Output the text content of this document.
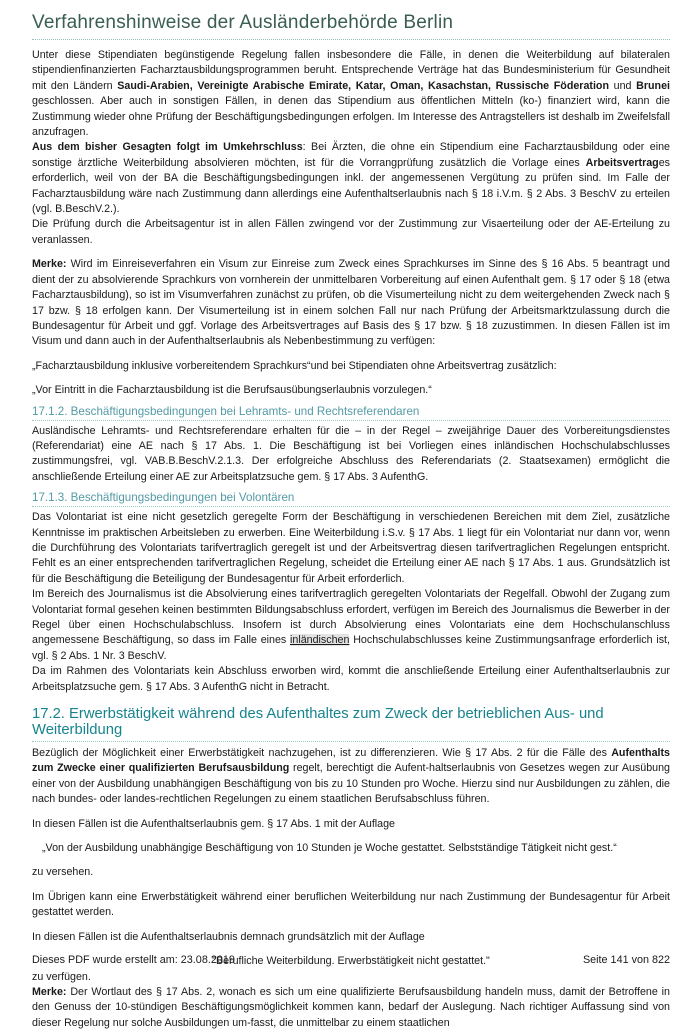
Verfahrenshinweise der Ausländerbehörde Berlin

Unter diese Stipendiaten begünstigende Regelung fallen insbesondere die Fälle, in denen die Weiterbildung auf bilateralen stipendienfinanzierten Facharztausbildungsprogrammen beruht. Entsprechende Verträge hat das Bundesministerium für Gesundheit mit den Ländern Saudi-Arabien, Vereinigte Arabische Emirate, Katar, Oman, Kasachstan, Russische Föderation und Brunei geschlossen. Aber auch in sonstigen Fällen, in denen das Stipendium aus öffentlichen Mitteln (ko-) finanziert wird, kann die Zustimmung wieder ohne Prüfung der Beschäftigungsbedingungen erfolgen. Im Interesse des Antragstellers ist deshalb im Zweifelsfall anzufragen.

Aus dem bisher Gesagten folgt im Umkehrschluss: Bei Ärzten, die ohne ein Stipendium eine Facharztausbildung oder eine sonstige ärztliche Weiterbildung absolvieren möchten, ist für die Vorrangprüfung zusätzlich die Vorlage eines Arbeitsvertrages erforderlich, weil von der BA die Beschäftigungsbedingungen inkl. der angemessenen Vergütung zu prüfen sind. Im Falle der Facharztausbildung wäre nach Zustimmung dann allerdings eine Aufenthaltserlaubnis nach § 18 i.V.m. § 2 Abs. 3 BeschV zu erteilen (vgl. B.BeschV.2.).

Die Prüfung durch die Arbeitsagentur ist in allen Fällen zwingend vor der Zustimmung zur Visaerteilung oder der AE-Erteilung zu veranlassen.

Merke: Wird im Einreiseverfahren ein Visum zur Einreise zum Zweck eines Sprachkurses im Sinne des § 16 Abs. 5 beantragt und dient der zu absolvierende Sprachkurs von vornherein der unmittelbaren Vorbereitung auf einen Aufenthalt gem. § 17 oder § 18 (etwa Facharztausbildung), so ist im Visumverfahren zunächst zu prüfen, ob die Visumerteilung nicht zu dem weitergehenden Zweck nach § 17 bzw. § 18 erfolgen kann. Der Visumerteilung ist in einem solchen Fall nur nach Prüfung der Arbeitsmarktzulassung durch die Bundesagentur für Arbeit und ggf. Vorlage des Arbeitsvertrages auf Basis des § 17 bzw. § 18 zuzustimmen. In diesen Fällen ist im Visum und dann auch in der Aufenthaltserlaubnis als Nebenbestimmung zu verfügen:

„Facharztausbildung inklusive vorbereitendem Sprachkurs“und bei Stipendiaten ohne Arbeitsvertrag zusätzlich:

„Vor Eintritt in die Facharztausbildung ist die Berufsausübungserlaubnis vorzulegen.“

17.1.2. Beschäftigungsbedingungen bei Lehramts- und Rechtsreferendaren

Ausländische Lehramts- und Rechtsreferendare erhalten für die – in der Regel – zweijährige Dauer des Vorbereitungsdienstes (Referendariat) eine AE nach § 17 Abs. 1. Die Beschäftigung ist bei Vorliegen eines inländischen Hochschulabschlusses zustimmungsfrei, vgl. VAB.B.BeschV.2.1.3. Der erfolgreiche Abschluss des Referendariats (2. Staatsexamen) ermöglicht die anschließende Erteilung einer AE zur Arbeitsplatzsuche gem. § 17 Abs. 3 AufenthG.

17.1.3. Beschäftigungsbedingungen bei Volontären

Das Volontariat ist eine nicht gesetzlich geregelte Form der Beschäftigung in verschiedenen Bereichen mit dem Ziel, zusätzliche Kenntnisse im praktischen Arbeitsleben zu erwerben. Eine Weiterbildung i.S.v. § 17 Abs. 1 liegt für ein Volontariat nur dann vor, wenn die Durchführung des Volontariats tarifvertraglich geregelt ist und der Arbeitsvertrag diesen tarifvertraglichen Regelungen entspricht. Fehlt es an einer entsprechenden tarifvertraglichen Regelung, scheidet die Erteilung einer AE nach § 17 Abs. 1 aus. Grundsätzlich ist für die Beschäftigung die Beteiligung der Bundesagentur für Arbeit erforderlich.

Im Bereich des Journalismus ist die Absolvierung eines tarifvertraglich geregelten Volontariats der Regelfall. Obwohl der Zugang zum Volontariat formal gesehen keinen bestimmten Bildungsabschluss erfordert, verfügen im Bereich des Journalismus die Bewerber in der Regel über einen Hochschulabschluss. Insofern ist durch Absolvierung eines Volontariats eine dem Hochschulanschluss angemessene Beschäftigung, so dass im Falle eines inländischen Hochschulabschlusses keine Zustimmungsanfrage erforderlich ist, vgl. § 2 Abs. 1 Nr. 3 BeschV.

Da im Rahmen des Volontariats kein Abschluss erworben wird, kommt die anschließende Erteilung einer Aufenthaltserlaubnis zur Arbeitsplatzsuche gem. § 17 Abs. 3 AufenthG nicht in Betracht.

17.2. Erwerbstätigkeit während des Aufenthaltes zum Zweck der betrieblichen Aus- und Weiterbildung

Bezüglich der Möglichkeit einer Erwerbstätigkeit nachzugehen, ist zu differenzieren. Wie § 17 Abs. 2 für die Fälle des Aufenthalts zum Zwecke einer qualifizierten Berufsausbildung regelt, berechtigt die Aufent-haltserlaubnis von Gesetzes wegen zur Ausübung einer von der Ausbildung unabhängigen Beschäftigung von bis zu 10 Stunden pro Woche. Hierzu sind nur Ausbildungen zu zählen, die nach bundes- oder landes-rechtlichen Regelungen zu einem staatlichen Berufsabschluss führen.

In diesen Fällen ist die Aufenthaltserlaubnis gem. § 17 Abs. 1 mit der Auflage

„Von der Ausbildung unabhängige Beschäftigung von 10 Stunden je Woche gestattet. Selbstständige Tätigkeit nicht gest.“

zu versehen.

Im Übrigen kann eine Erwerbstätigkeit während einer beruflichen Weiterbildung nur nach Zustimmung der Bundesagentur für Arbeit gestattet werden.

In diesen Fällen ist die Aufenthaltserlaubnis demnach grundsätzlich mit der Auflage

"Berufliche Weiterbildung. Erwerbstätigkeit nicht gestattet."

zu verfügen.

Merke: Der Wortlaut des § 17 Abs. 2, wonach es sich um eine qualifizierte Berufsausbildung handeln muss, damit der Betroffene in den Genuss der 10-stündigen Beschäftigungsmöglichkeit kommen kann, bedarf der Auslegung. Nach richtiger Auffassung sind von dieser Regelung nur solche Ausbildungen um-fasst, die unmittelbar zu einem staatlichen

Dieses PDF wurde erstellt am: 23.08.2019	Seite 141 von 822
